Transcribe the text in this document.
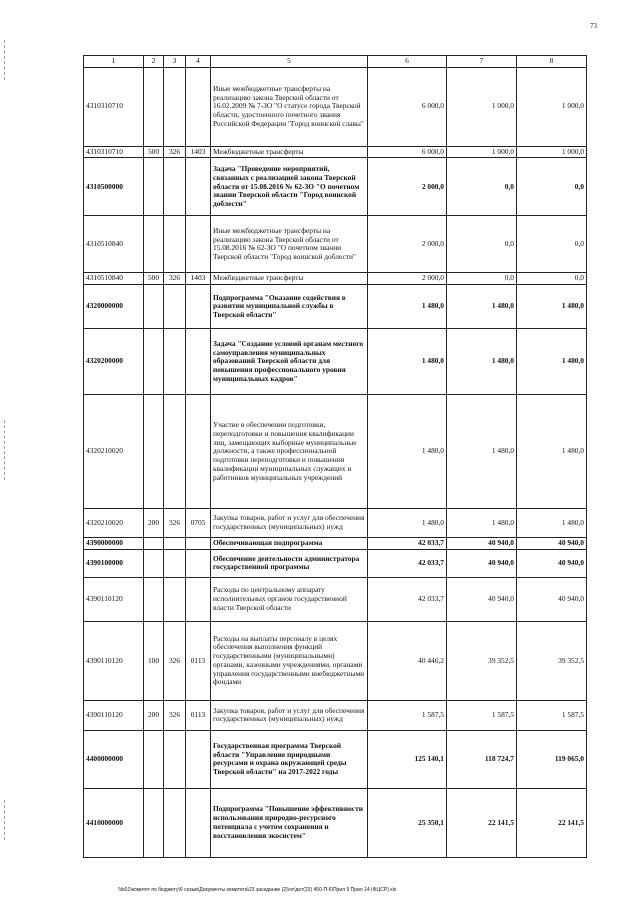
73
1	2	3	4	5	6	7	8
4310310710				Иные межбюджетные трансферты на реализацию закона Тверской области от 16.02.2009 № 7-ЗО "О статусе города Тверской области, удостоенного почетного звания Российской Федерации "Город воинской славы"	6 000,0	1 000,0	1 000,0
4310310710	500	326	1403	Межбюджетные трансферты	6 000,0	1 000,0	1 000,0
4310500000				Задача "Проведение мероприятий, связанных с реализацией закона Тверской области от 15.08.2016 № 62-ЗО "О почетном звании Тверской области "Город воинской доблести"	2 000,0	0,0	0,0
4310510840				Иные межбюджетные трансферты на реализацию закона Тверской области от 15.08.2016 № 62-ЗО "О почетном звании Тверской области "Город воинской доблести"	2 000,0	0,0	0,0
4310510840	500	326	1403	Межбюджетные трансферты	2 000,0	0,0	0,0
4320000000				Подпрограмма "Оказание содействия в развитии муниципальной службы в Тверской области"	1 480,0	1 480,0	1 480,0
4320200000				Задача "Создание условий органам местного самоуправления муниципальных образований Тверской области для повышения профессионального уровня муниципальных кадров"	1 480,0	1 480,0	1 480,0
4320210020				Участие в обеспечении подготовки, переподготовки и повышения квалификации лиц, замещающих выборные муниципальные должности, а также профессиональной подготовки переподготовки и повышения квалификации муниципальных служащих и работников муниципальных учреждений	1 480,0	1 480,0	1 480,0
4320210020	200	326	0705	Закупка товаров, работ и услуг для обеспечения государственных (муниципальных) нужд	1 480,0	1 480,0	1 480,0
4390000000				Обеспечивающая подпрограмма	42 033,7	40 940,0	40 940,0
4390100000				Обеспечение деятельности администратора государственной программы	42 033,7	40 940,0	40 940,0
4390110120				Расходы по центральному аппарату исполнительных органов государственной власти Тверской области	42 033,7	40 940,0	40 940,0
4390110120	100	326	0113	Расходы на выплаты персоналу в целях обеспечения выполнения функций государственными (муниципальными) органами, казенными учреждениями, органами управления государственными внебюджетными фондами	40 446,2	39 352,5	39 352,5
4390110120	200	326	0113	Закупка товаров, работ и услуг для обеспечения государственных (муниципальных) нужд	1 587,5	1 587,5	1 587,5
4400000000				Государственная программа Тверской области "Управление природными ресурсами и охрана окружающей среды Тверской области" на 2017-2022 годы	125 140,1	118 724,7	119 065,0
4410000000				Подпрограмма "Повышение эффективности использования природно-ресурсного потенциала с учетом сохранения и восстановления экосистем"	25 350,1	22 141,5	22 141,5
\\fs01\комитет по бюджету\6 созыв\Документы комитета\23 заседание (2)\от\дет(23) 450-П-6\Прил 9 Прил 14 (ФЦСР).xls
